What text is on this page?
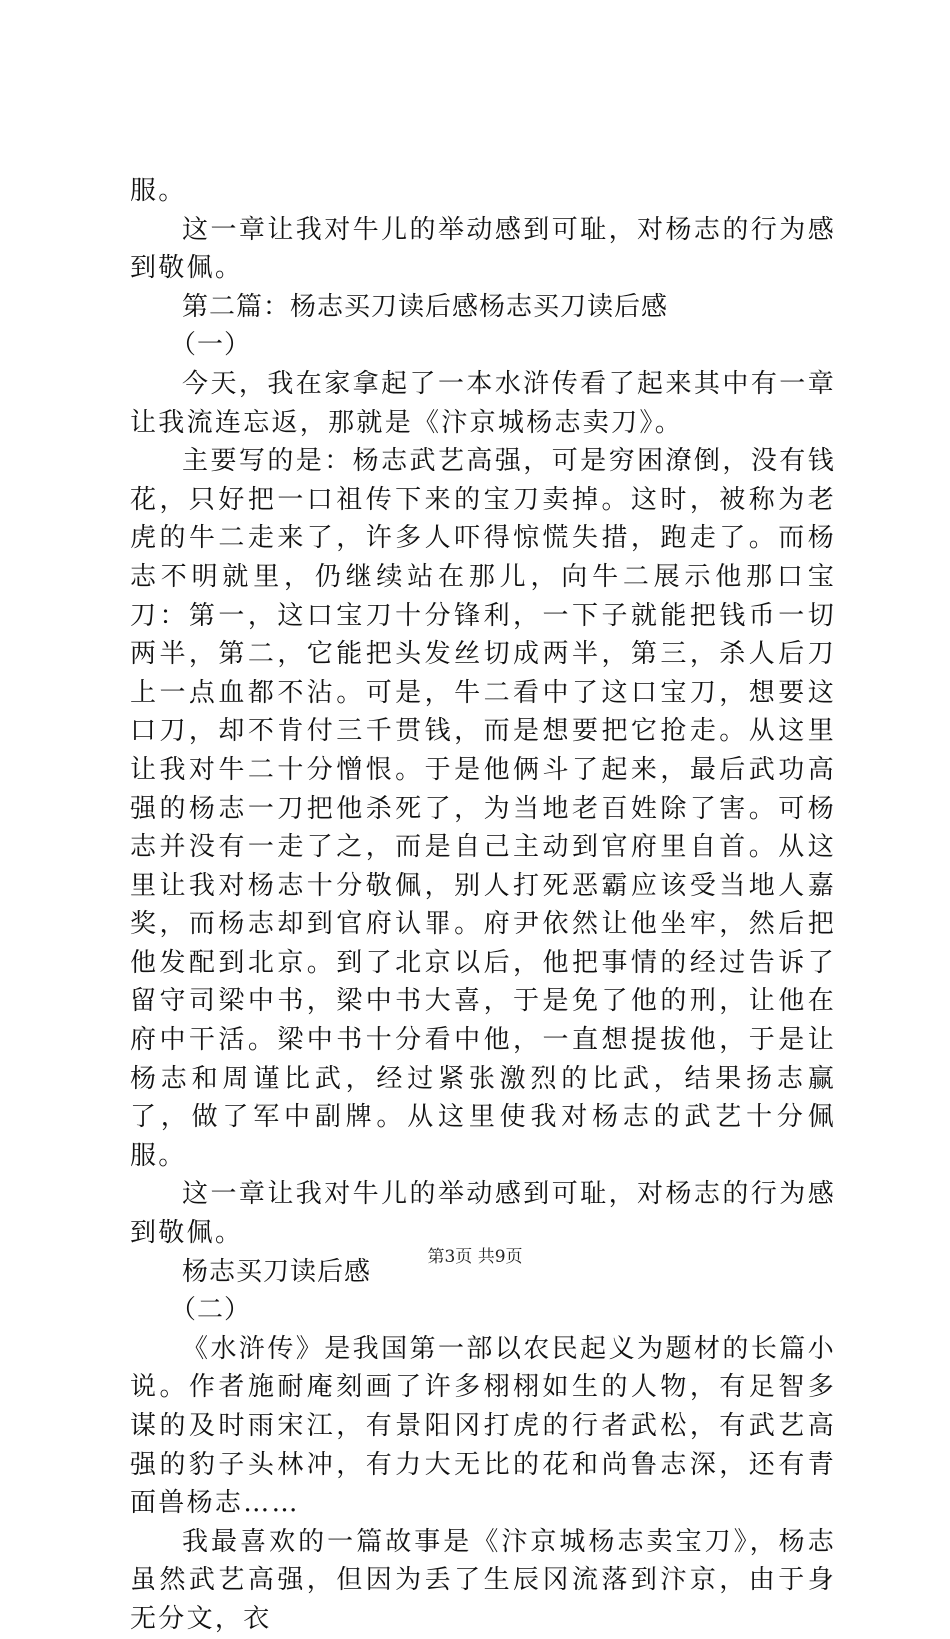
服。

这一章让我对牛儿的举动感到可耻，对杨志的行为感到敬佩。

第二篇：杨志买刀读后感杨志买刀读后感

（一）

今天，我在家拿起了一本水浒传看了起来其中有一章让我流连忘返，那就是《汴京城杨志卖刀》。

主要写的是：杨志武艺高强，可是穷困潦倒，没有钱花，只好把一口祖传下来的宝刀卖掉。这时，被称为老虎的牛二走来了，许多人吓得惊慌失措，跑走了。而杨志不明就里，仍继续站在那儿，向牛二展示他那口宝刀：第一，这口宝刀十分锋利，一下子就能把钱币一切两半，第二，它能把头发丝切成两半，第三，杀人后刀上一点血都不沾。可是，牛二看中了这口宝刀，想要这口刀，却不肯付三千贯钱，而是想要把它抢走。从这里让我对牛二十分憎恨。于是他俩斗了起来，最后武功高强的杨志一刀把他杀死了，为当地老百姓除了害。可杨志并没有一走了之，而是自己主动到官府里自首。从这里让我对杨志十分敬佩，别人打死恶霸应该受当地人嘉奖，而杨志却到官府认罪。府尹依然让他坐牢，然后把他发配到北京。到了北京以后，他把事情的经过告诉了留守司梁中书，梁中书大喜，于是免了他的刑，让他在府中干活。梁中书十分看中他，一直想提拔他，于是让杨志和周谨比武，经过紧张激烈的比武，结果扬志赢了，做了军中副牌。从这里使我对杨志的武艺十分佩服。

这一章让我对牛儿的举动感到可耻，对杨志的行为感到敬佩。

杨志买刀读后感

（二）

《水浒传》是我国第一部以农民起义为题材的长篇小说。作者施耐庵刻画了许多栩栩如生的人物，有足智多谋的及时雨宋江，有景阳冈打虎的行者武松，有武艺高强的豹子头林冲，有力大无比的花和尚鲁志深，还有青面兽杨志……

我最喜欢的一篇故事是《汴京城杨志卖宝刀》，杨志虽然武艺高强，但因为丢了生辰冈流落到汴京，由于身无分文，衣

第3页 共9页
